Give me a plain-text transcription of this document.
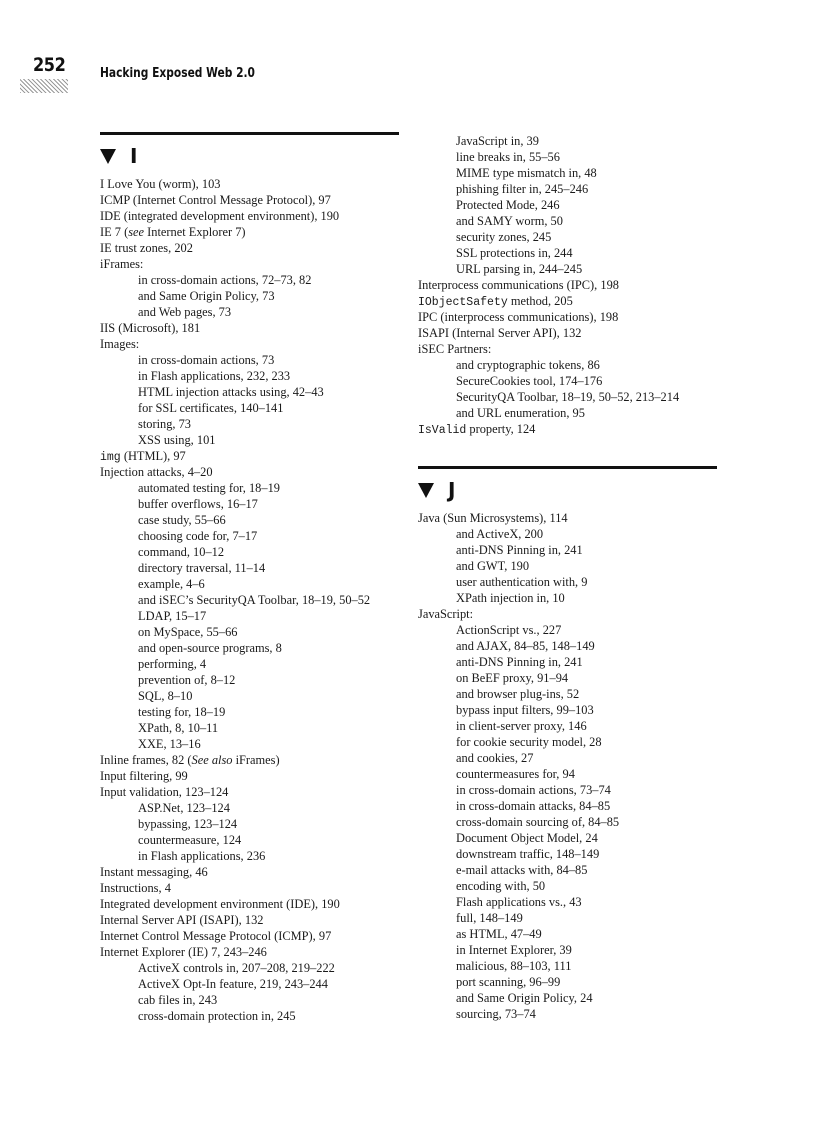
252	Hacking Exposed Web 2.0
I
I Love You (worm), 103
ICMP (Internet Control Message Protocol), 97
IDE (integrated development environment), 190
IE 7 (see Internet Explorer 7)
IE trust zones, 202
iFrames:
in cross-domain actions, 72–73, 82
and Same Origin Policy, 73
and Web pages, 73
IIS (Microsoft), 181
Images:
in cross-domain actions, 73
in Flash applications, 232, 233
HTML injection attacks using, 42–43
for SSL certificates, 140–141
storing, 73
XSS using, 101
img (HTML), 97
Injection attacks, 4–20
automated testing for, 18–19
buffer overflows, 16–17
case study, 55–66
choosing code for, 7–17
command, 10–12
directory traversal, 11–14
example, 4–6
and iSEC’s SecurityQA Toolbar, 18–19, 50–52
LDAP, 15–17
on MySpace, 55–66
and open-source programs, 8
performing, 4
prevention of, 8–12
SQL, 8–10
testing for, 18–19
XPath, 8, 10–11
XXE, 13–16
Inline frames, 82 (See also iFrames)
Input filtering, 99
Input validation, 123–124
ASP.Net, 123–124
bypassing, 123–124
countermeasure, 124
in Flash applications, 236
Instant messaging, 46
Instructions, 4
Integrated development environment (IDE), 190
Internal Server API (ISAPI), 132
Internet Control Message Protocol (ICMP), 97
Internet Explorer (IE) 7, 243–246
ActiveX controls in, 207–208, 219–222
ActiveX Opt-In feature, 219, 243–244
cab files in, 243
cross-domain protection in, 245
JavaScript in, 39
line breaks in, 55–56
MIME type mismatch in, 48
phishing filter in, 245–246
Protected Mode, 246
and SAMY worm, 50
security zones, 245
SSL protections in, 244
URL parsing in, 244–245
Interprocess communications (IPC), 198
IObjectSafety method, 205
IPC (interprocess communications), 198
ISAPI (Internal Server API), 132
iSEC Partners:
and cryptographic tokens, 86
SecureCookies tool, 174–176
SecurityQA Toolbar, 18–19, 50–52, 213–214
and URL enumeration, 95
IsValid property, 124
J
Java (Sun Microsystems), 114
and ActiveX, 200
anti-DNS Pinning in, 241
and GWT, 190
user authentication with, 9
XPath injection in, 10
JavaScript:
ActionScript vs., 227
and AJAX, 84–85, 148–149
anti-DNS Pinning in, 241
on BeEF proxy, 91–94
and browser plug-ins, 52
bypass input filters, 99–103
in client-server proxy, 146
for cookie security model, 28
and cookies, 27
countermeasures for, 94
in cross-domain actions, 73–74
in cross-domain attacks, 84–85
cross-domain sourcing of, 84–85
Document Object Model, 24
downstream traffic, 148–149
e-mail attacks with, 84–85
encoding with, 50
Flash applications vs., 43
full, 148–149
as HTML, 47–49
in Internet Explorer, 39
malicious, 88–103, 111
port scanning, 96–99
and Same Origin Policy, 24
sourcing, 73–74
